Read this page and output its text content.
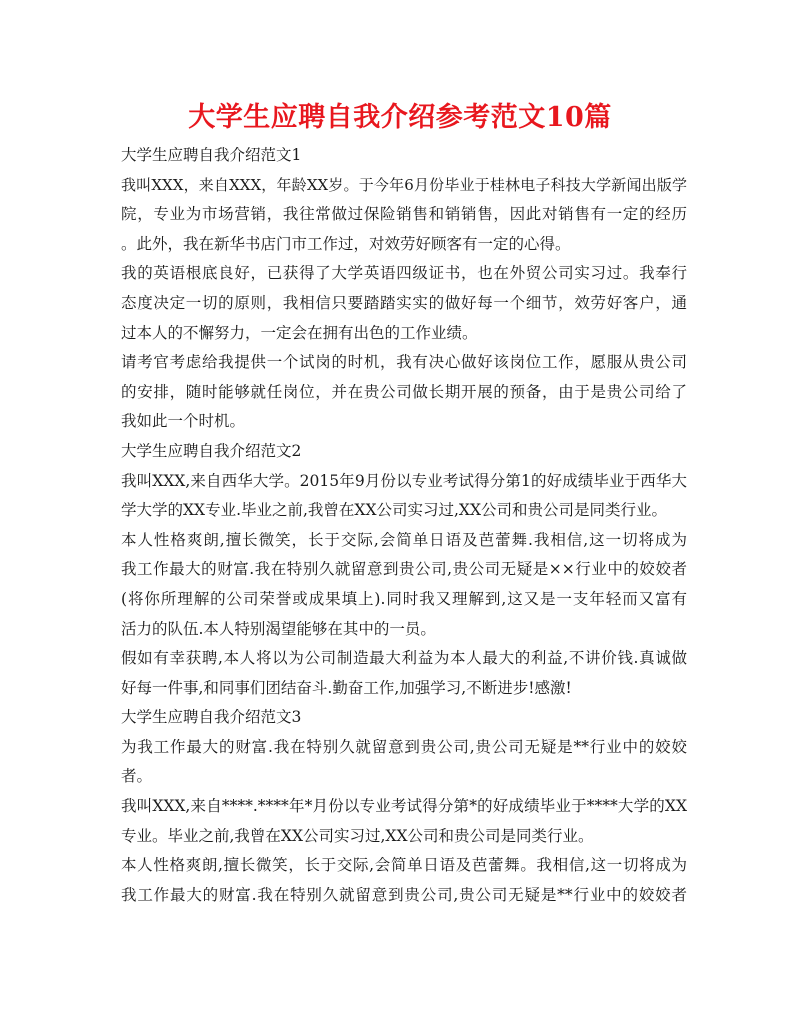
大学生应聘自我介绍参考范文10篇
大学生应聘自我介绍范文1
我叫XXX，来自XXX，年龄XX岁。于今年6月份毕业于桂林电子科技大学新闻出版学
院，专业为市场营销，我往常做过保险销售和销销售，因此对销售有一定的经历
。此外，我在新华书店门市工作过，对效劳好顾客有一定的心得。
我的英语根底良好，已获得了大学英语四级证书，也在外贸公司实习过。我奉行
态度决定一切的原则，我相信只要踏踏实实的做好每一个细节，效劳好客户，通
过本人的不懈努力，一定会在拥有出色的工作业绩。
请考官考虑给我提供一个试岗的时机，我有决心做好该岗位工作，愿服从贵公司
的安排，随时能够就任岗位，并在贵公司做长期开展的预备，由于是贵公司给了
我如此一个时机。
大学生应聘自我介绍范文2
我叫XXX,来自西华大学。2015年9月份以专业考试得分第1的好成绩毕业于西华大
学大学的XX专业.毕业之前,我曾在XX公司实习过,XX公司和贵公司是同类行业。
本人性格爽朗,擅长微笑，长于交际,会简单日语及芭蕾舞.我相信,这一切将成为
我工作最大的财富.我在特别久就留意到贵公司,贵公司无疑是××行业中的姣姣者
(将你所理解的公司荣誉或成果填上).同时我又理解到,这又是一支年轻而又富有
活力的队伍.本人特别渴望能够在其中的一员。
假如有幸获聘,本人将以为公司制造最大利益为本人最大的利益,不讲价钱.真诚做
好每一件事,和同事们团结奋斗.勤奋工作,加强学习,不断进步!感激!
大学生应聘自我介绍范文3
为我工作最大的财富.我在特别久就留意到贵公司,贵公司无疑是**行业中的姣姣
者。
我叫XXX,来自****.****年*月份以专业考试得分第*的好成绩毕业于****大学的XX
专业。毕业之前,我曾在XX公司实习过,XX公司和贵公司是同类行业。
本人性格爽朗,擅长微笑，长于交际,会简单日语及芭蕾舞。我相信,这一切将成为
我工作最大的财富.我在特别久就留意到贵公司,贵公司无疑是**行业中的姣姣者
